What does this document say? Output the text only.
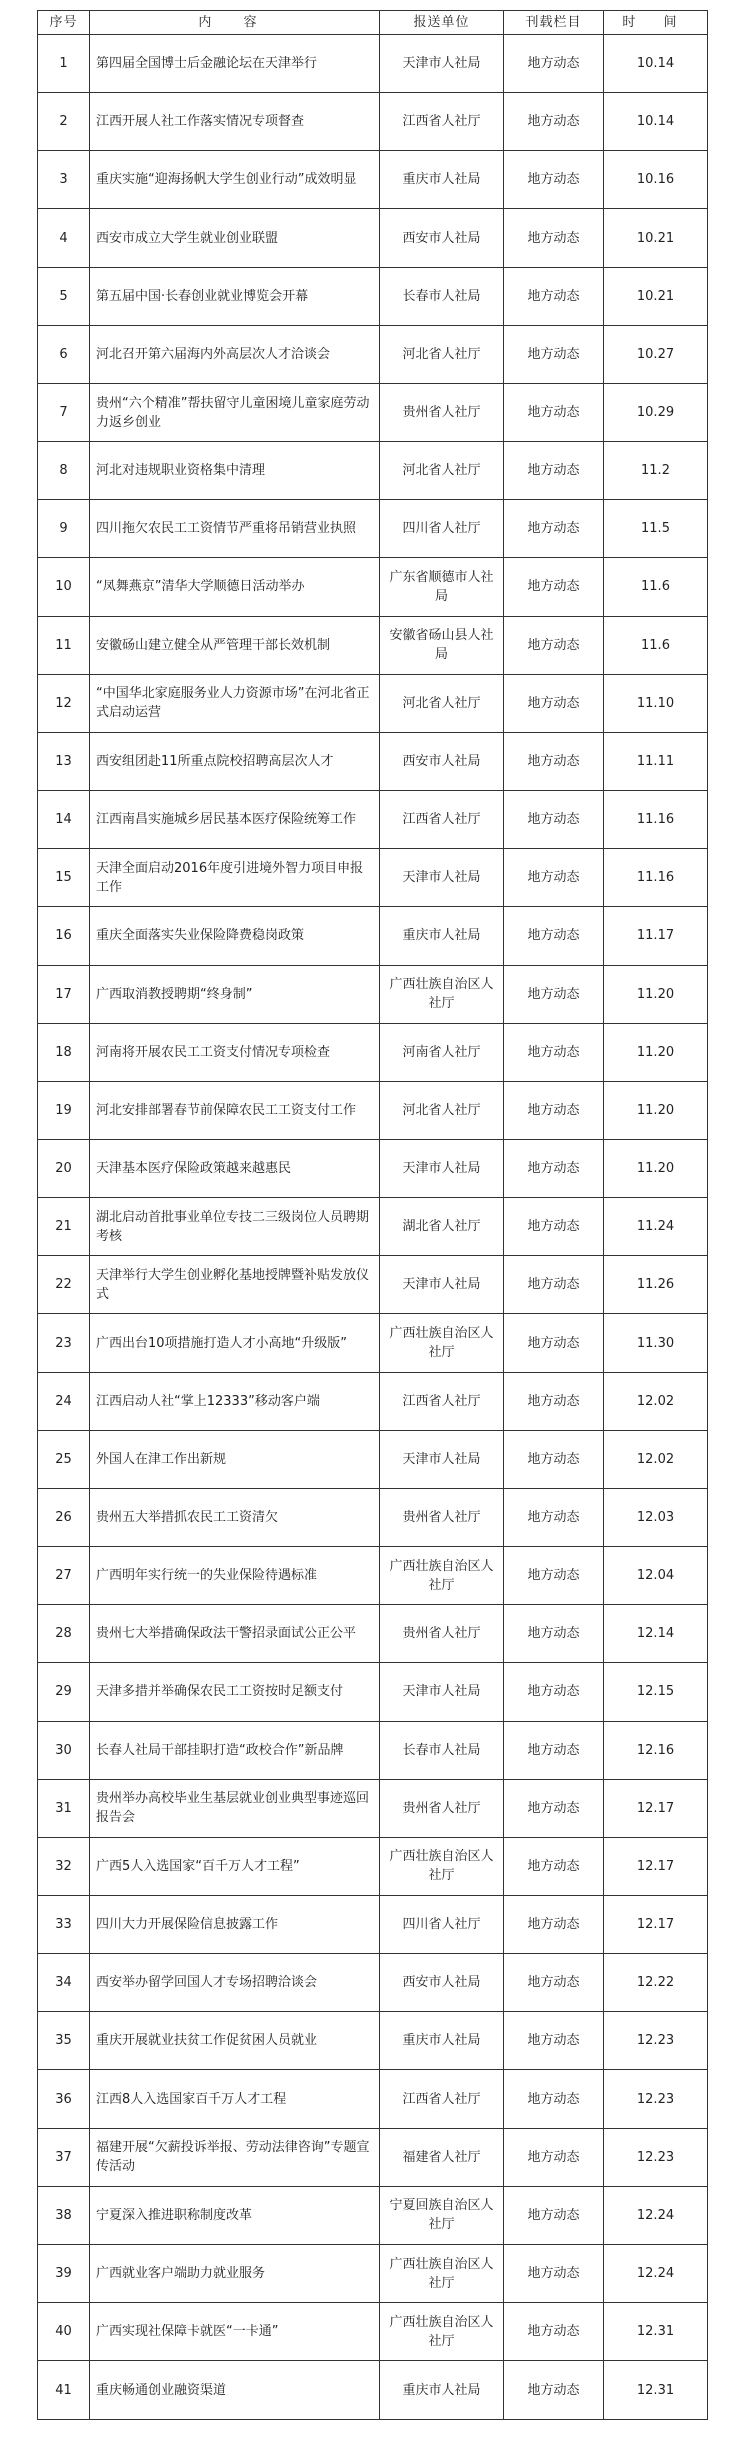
序号	内 容	报送单位	刊载栏目	时 间
1	第四届全国博士后金融论坛在天津举行	天津市人社局	地方动态	10.14
2	江西开展人社工作落实情况专项督查	江西省人社厅	地方动态	10.14
3	重庆实施“迎海扬帆大学生创业行动”成效明显	重庆市人社局	地方动态	10.16
4	西安市成立大学生就业创业联盟	西安市人社局	地方动态	10.21
5	第五届中国·长春创业就业博览会开幕	长春市人社局	地方动态	10.21
6	河北召开第六届海内外高层次人才洽谈会	河北省人社厅	地方动态	10.27
7	贵州“六个精准”帮扶留守儿童困境儿童家庭劳动力返乡创业	贵州省人社厅	地方动态	10.29
8	河北对违规职业资格集中清理	河北省人社厅	地方动态	11.2
9	四川拖欠农民工工资情节严重将吊销营业执照	四川省人社厅	地方动态	11.5
10	“凤舞燕京”清华大学顺德日活动举办	广东省顺德市人社局	地方动态	11.6
11	安徽砀山建立健全从严管理干部长效机制	安徽省砀山县人社局	地方动态	11.6
12	“中国华北家庭服务业人力资源市场”在河北省正式启动运营	河北省人社厅	地方动态	11.10
13	西安组团赴11所重点院校招聘高层次人才	西安市人社局	地方动态	11.11
14	江西南昌实施城乡居民基本医疗保险统筹工作	江西省人社厅	地方动态	11.16
15	天津全面启动2016年度引进境外智力项目申报工作	天津市人社局	地方动态	11.16
16	重庆全面落实失业保险降费稳岗政策	重庆市人社局	地方动态	11.17
17	广西取消教授聘期“终身制”	广西壮族自治区人社厅	地方动态	11.20
18	河南将开展农民工工资支付情况专项检查	河南省人社厅	地方动态	11.20
19	河北安排部署春节前保障农民工工资支付工作	河北省人社厅	地方动态	11.20
20	天津基本医疗保险政策越来越惠民	天津市人社局	地方动态	11.20
21	湖北启动首批事业单位专技二三级岗位人员聘期考核	湖北省人社厅	地方动态	11.24
22	天津举行大学生创业孵化基地授牌暨补贴发放仪式	天津市人社局	地方动态	11.26
23	广西出台10项措施打造人才小高地“升级版”	广西壮族自治区人社厅	地方动态	11.30
24	江西启动人社“掌上12333”移动客户端	江西省人社厅	地方动态	12.02
25	外国人在津工作出新规	天津市人社局	地方动态	12.02
26	贵州五大举措抓农民工工资清欠	贵州省人社厅	地方动态	12.03
27	广西明年实行统一的失业保险待遇标准	广西壮族自治区人社厅	地方动态	12.04
28	贵州七大举措确保政法干警招录面试公正公平	贵州省人社厅	地方动态	12.14
29	天津多措并举确保农民工工资按时足额支付	天津市人社局	地方动态	12.15
30	长春人社局干部挂职打造“政校合作”新品牌	长春市人社局	地方动态	12.16
31	贵州举办高校毕业生基层就业创业典型事迹巡回报告会	贵州省人社厅	地方动态	12.17
32	广西5人入选国家“百千万人才工程”	广西壮族自治区人社厅	地方动态	12.17
33	四川大力开展保险信息披露工作	四川省人社厅	地方动态	12.17
34	西安举办留学回国人才专场招聘洽谈会	西安市人社局	地方动态	12.22
35	重庆开展就业扶贫工作促贫困人员就业	重庆市人社局	地方动态	12.23
36	江西8人入选国家百千万人才工程	江西省人社厅	地方动态	12.23
37	福建开展“欠薪投诉举报、劳动法律咨询”专题宣传活动	福建省人社厅	地方动态	12.23
38	宁夏深入推进职称制度改革	宁夏回族自治区人社厅	地方动态	12.24
39	广西就业客户端助力就业服务	广西壮族自治区人社厅	地方动态	12.24
40	广西实现社保障卡就医“一卡通”	广西壮族自治区人社厅	地方动态	12.31
41	重庆畅通创业融资渠道	重庆市人社局	地方动态	12.31
